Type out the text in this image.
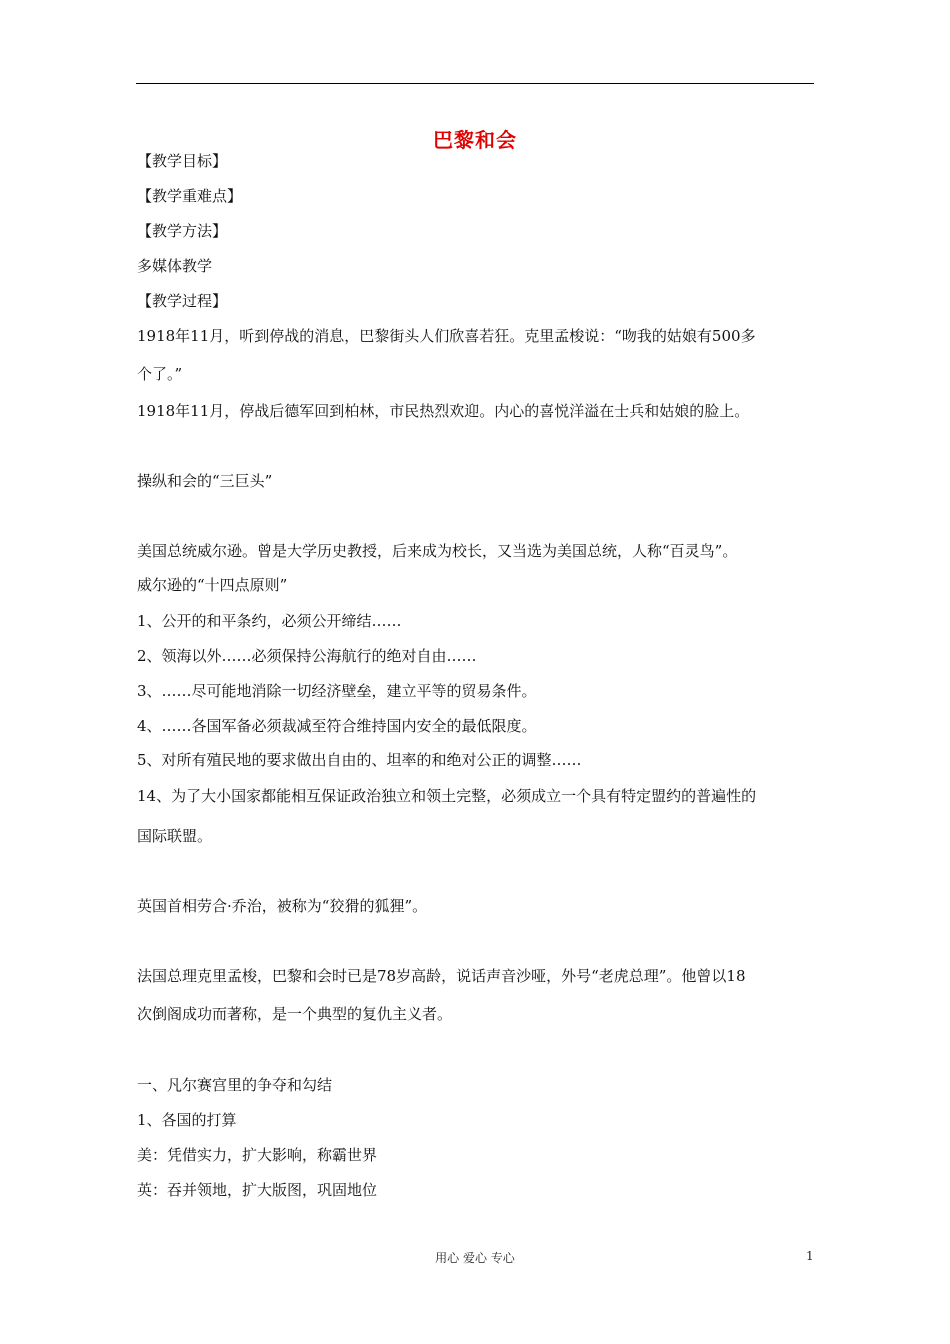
巴黎和会
【教学目标】
【教学重难点】
【教学方法】
多媒体教学
【教学过程】
1918年11月，听到停战的消息，巴黎街头人们欣喜若狂。克里孟梭说：“吻我的姑娘有500多
个了。”
1918年11月，停战后德军回到柏林，市民热烈欢迎。内心的喜悦洋溢在士兵和姑娘的脸上。
操纵和会的“三巨头”
美国总统威尔逊。曾是大学历史教授，后来成为校长，又当选为美国总统，人称“百灵鸟”。
威尔逊的“十四点原则”
1、公开的和平条约，必须公开缔结……
2、领海以外……必须保持公海航行的绝对自由……
3、……尽可能地消除一切经济壁垒，建立平等的贸易条件。
4、……各国军备必须裁减至符合维持国内安全的最低限度。
5、对所有殖民地的要求做出自由的、坦率的和绝对公正的调整……
14、为了大小国家都能相互保证政治独立和领土完整，必须成立一个具有特定盟约的普遍性的
国际联盟。
英国首相劳合·乔治，被称为“狡猾的狐狸”。
法国总理克里孟梭，巴黎和会时已是78岁高龄，说话声音沙哑，外号“老虎总理”。他曾以18
次倒阁成功而著称，是一个典型的复仇主义者。
一、凡尔赛宫里的争夺和勾结
1、各国的打算
美：凭借实力，扩大影响，称霸世界
英：吞并领地，扩大版图，巩固地位
用心 爱心 专心	1
